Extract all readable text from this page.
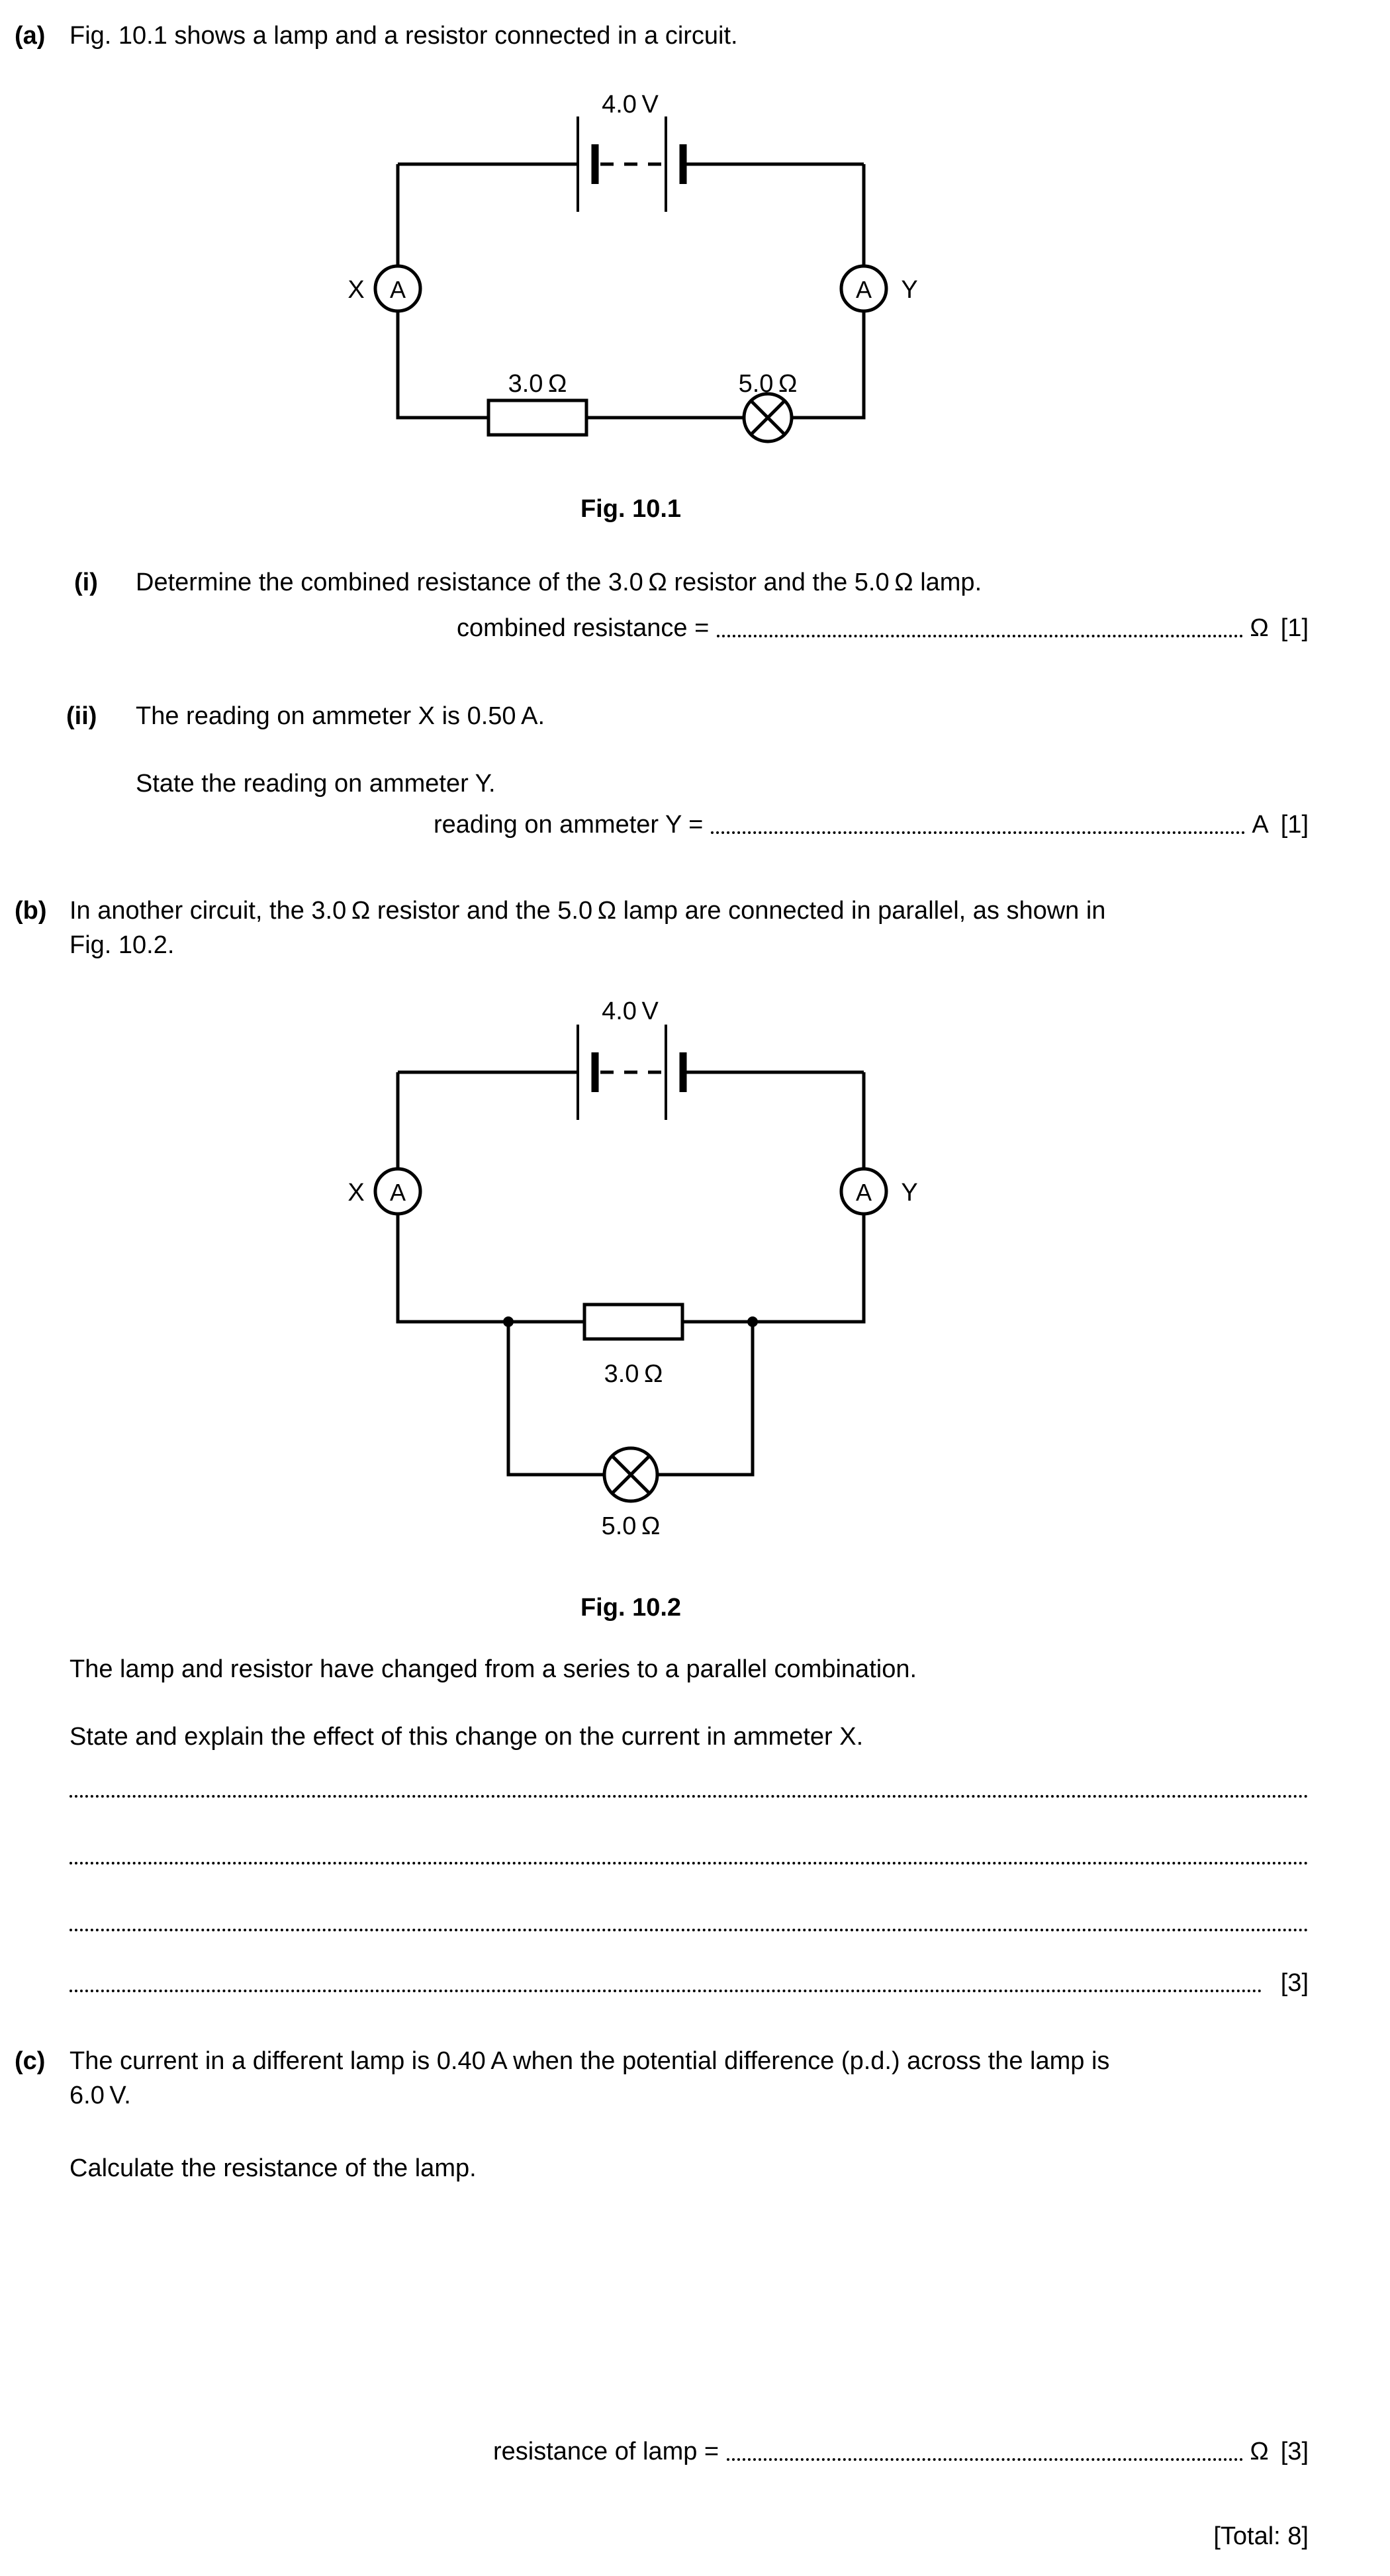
(a) Fig. 10.1 shows a lamp and a resistor connected in a circuit.
4.0 V
A
X
3.0 Ω	5.0 Ω
A Y
Fig. 10.1
(i) Determine the combined resistance of the 3.0 Ω resistor and the 5.0 Ω lamp.
combined resistance =	Ω [1]
(ii) The reading on ammeter X is 0.50 A.
State the reading on ammeter Y.
reading on ammeter Y =	A [1]
(b) In another circuit, the 3.0 Ω resistor and the 5.0 Ω lamp are connected in parallel, as shown in
Fig. 10.2.
4.0 V
A
X	A Y
3.0 Ω
5.0 Ω
Fig. 10.2
The lamp and resistor have changed from a series to a parallel combination.
State and explain the effect of this change on the current in ammeter X.
[3]
(c) The current in a different lamp is 0.40 A when the potential difference (p.d.) across the lamp is
6.0 V.
Calculate the resistance of the lamp.
resistance of lamp =	Ω [3]
[Total: 8]
